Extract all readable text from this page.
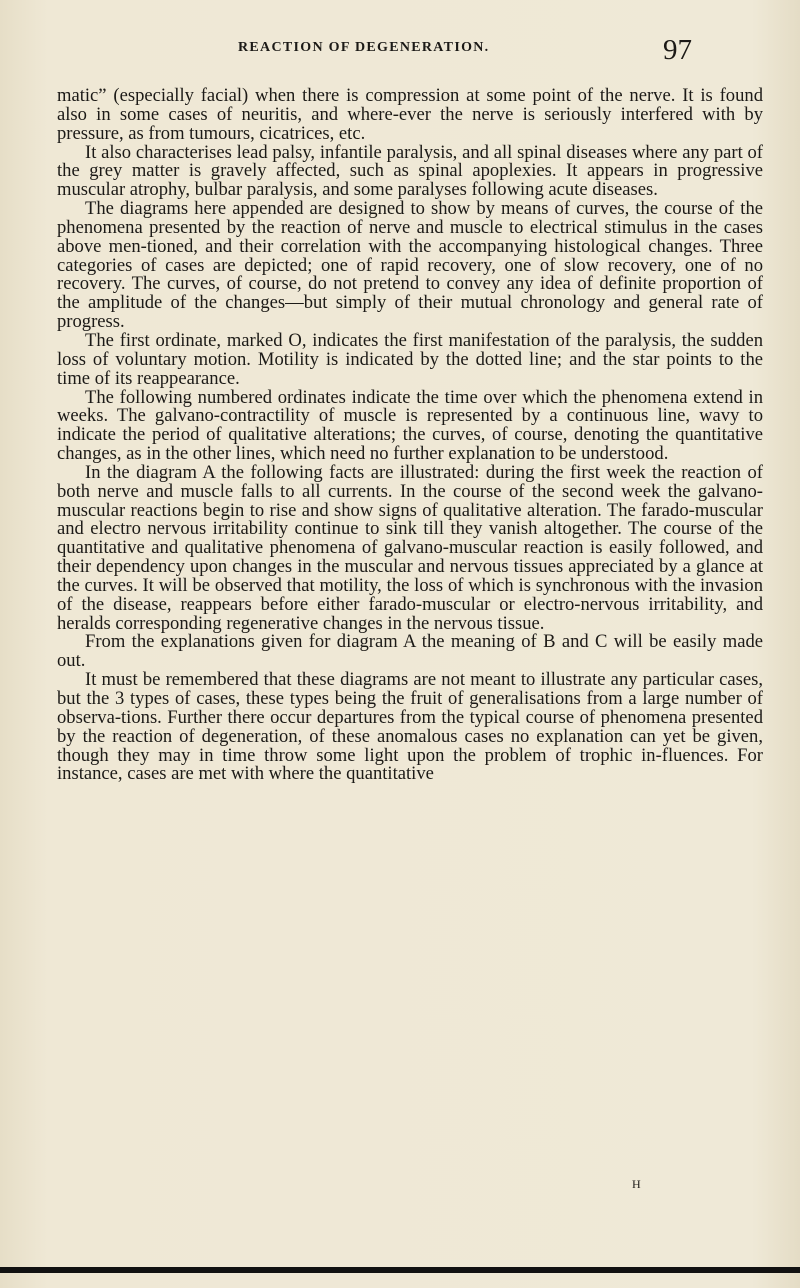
REACTION OF DEGENERATION.	97

matic” (especially facial) when there is compression at some point of the nerve. It is found also in some cases of neuritis, and where-ever the nerve is seriously interfered with by pressure, as from tumours, cicatrices, etc.

It also characterises lead palsy, infantile paralysis, and all spinal diseases where any part of the grey matter is gravely affected, such as spinal apoplexies. It appears in progressive muscular atrophy, bulbar paralysis, and some paralyses following acute diseases.

The diagrams here appended are designed to show by means of curves, the course of the phenomena presented by the reaction of nerve and muscle to electrical stimulus in the cases above men-tioned, and their correlation with the accompanying histological changes. Three categories of cases are depicted; one of rapid recovery, one of slow recovery, one of no recovery. The curves, of course, do not pretend to convey any idea of definite proportion of the amplitude of the changes—but simply of their mutual chronology and general rate of progress.

The first ordinate, marked O, indicates the first manifestation of the paralysis, the sudden loss of voluntary motion. Motility is indicated by the dotted line; and the star points to the time of its reappearance.

The following numbered ordinates indicate the time over which the phenomena extend in weeks. The galvano-contractility of muscle is represented by a continuous line, wavy to indicate the period of qualitative alterations; the curves, of course, denoting the quantitative changes, as in the other lines, which need no further explanation to be understood.

In the diagram A the following facts are illustrated: during the first week the reaction of both nerve and muscle falls to all currents. In the course of the second week the galvano-muscular reactions begin to rise and show signs of qualitative alteration. The farado-muscular and electro nervous irritability continue to sink till they vanish altogether. The course of the quantitative and qualitative phenomena of galvano-muscular reaction is easily followed, and their dependency upon changes in the muscular and nervous tissues appreciated by a glance at the curves. It will be observed that motility, the loss of which is synchronous with the invasion of the disease, reappears before either farado-muscular or electro-nervous irritability, and heralds corresponding regenerative changes in the nervous tissue.

From the explanations given for diagram A the meaning of B and C will be easily made out.

It must be remembered that these diagrams are not meant to illustrate any particular cases, but the 3 types of cases, these types being the fruit of generalisations from a large number of observa-tions. Further there occur departures from the typical course of phenomena presented by the reaction of degeneration, of these anomalous cases no explanation can yet be given, though they may in time throw some light upon the problem of trophic in-fluences. For instance, cases are met with where the quantitative

H
